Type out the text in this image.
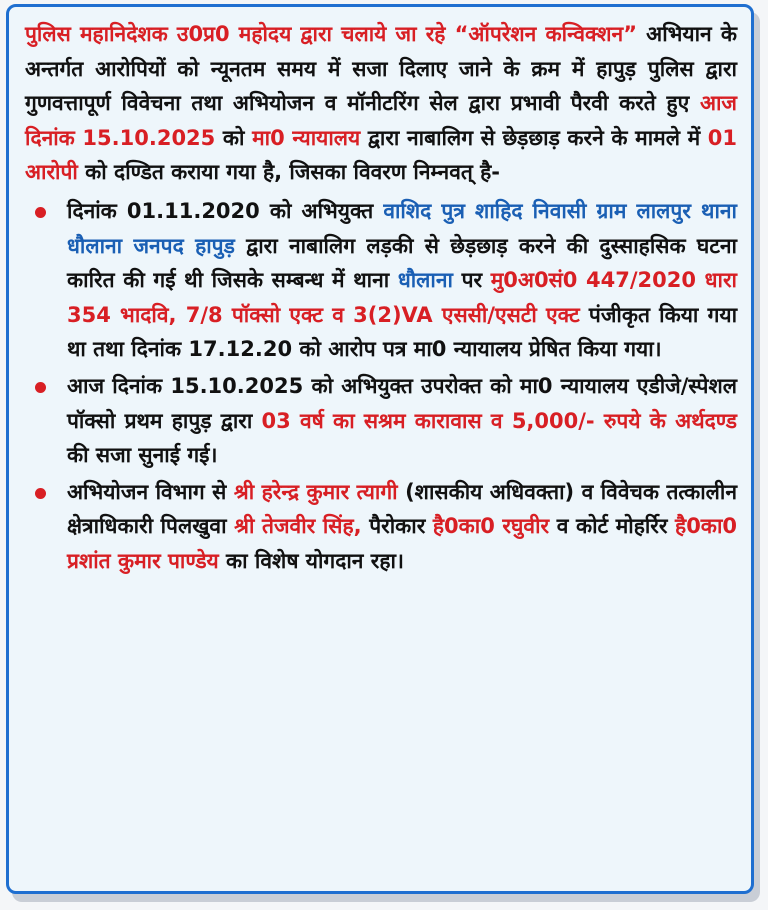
पुलिस महानिदेशक उ0प्र0 महोदय द्वारा चलाये जा रहे “ऑपरेशन कन्विक्शन” अभियान के अन्तर्गत आरोपियों को न्यूनतम समय में सजा दिलाए जाने के क्रम में हापुड़ पुलिस द्वारा गुणवत्तापूर्ण विवेचना तथा अभियोजन व मॉनीटरिंग सेल द्वारा प्रभावी पैरवी करते हुए आज दिनांक 15.10.2025 को मा0 न्यायालय द्वारा नाबालिग से छेड़छाड़ करने के मामले में 01 आरोपी को दण्डित कराया गया है, जिसका विवरण निम्नवत् है-

दिनांक 01.11.2020 को अभियुक्त वाशिद पुत्र शाहिद निवासी ग्राम लालपुर थाना धौलाना जनपद हापुड़ द्वारा नाबालिग लड़की से छेड़छाड़ करने की दुस्साहसिक घटना कारित की गई थी जिसके सम्बन्ध में थाना धौलाना पर मु0अ0सं0 447/2020 धारा 354 भादवि, 7/8 पॉक्सो एक्ट व 3(2)VA एससी/एसटी एक्ट पंजीकृत किया गया था तथा दिनांक 17.12.20 को आरोप पत्र मा0 न्यायालय प्रेषित किया गया।

आज दिनांक 15.10.2025 को अभियुक्त उपरोक्त को मा0 न्यायालय एडीजे/स्पेशल पॉक्सो प्रथम हापुड़ द्वारा 03 वर्ष का सश्रम कारावास व 5,000/- रुपये के अर्थदण्ड की सजा सुनाई गई।

अभियोजन विभाग से श्री हरेन्द्र कुमार त्यागी (शासकीय अधिवक्ता) व विवेचक तत्कालीन क्षेत्राधिकारी पिलखुवा श्री तेजवीर सिंह, पैरोकार है0का0 रघुवीर व कोर्ट मोहर्रिर है0का0 प्रशांत कुमार पाण्डेय का विशेष योगदान रहा।
